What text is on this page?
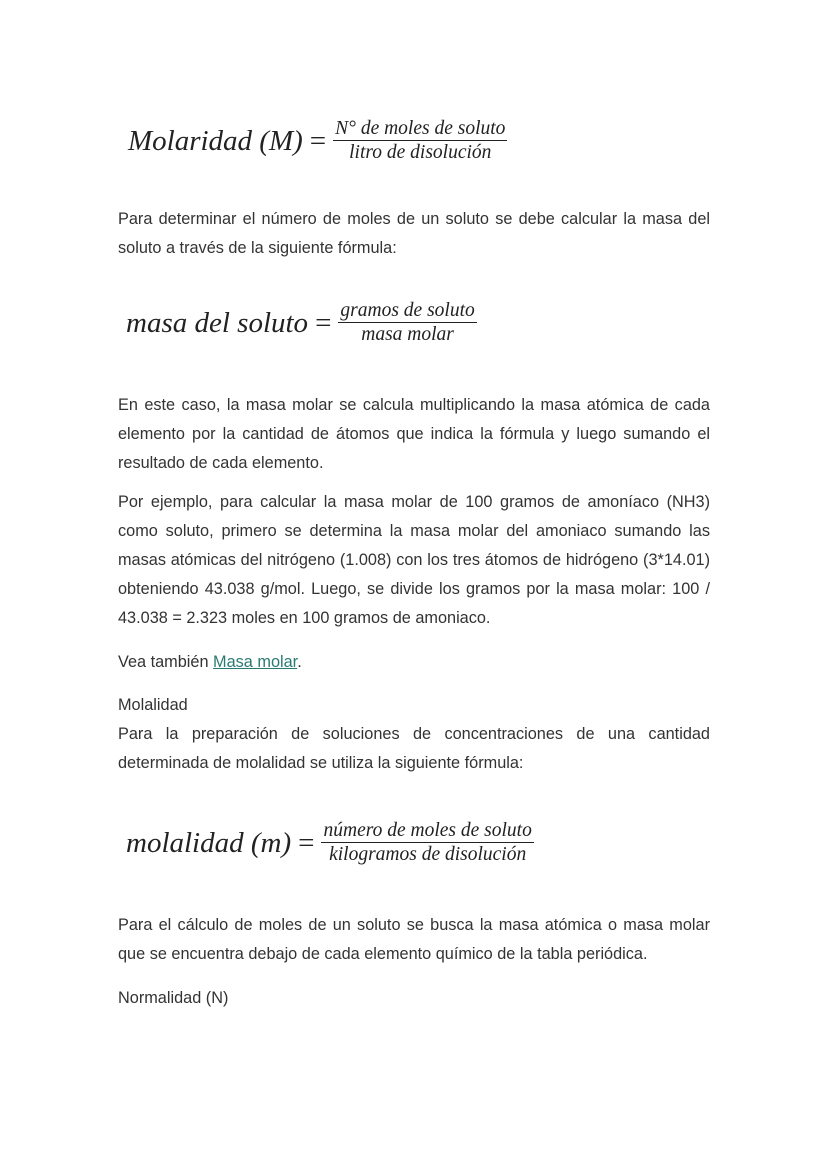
Molaridad $(M) = \frac{\text{N° de moles de soluto}}{\text{litro de disolución}}$

Para determinar el número de moles de un soluto se debe calcular la masa del soluto a través de la siguiente fórmula:

masa del soluto = $\frac{\text{gramos de soluto}}{\text{masa molar}}$

En este caso, la masa molar se calcula multiplicando la masa atómica de cada elemento por la cantidad de átomos que indica la fórmula y luego sumando el resultado de cada elemento.

Por ejemplo, para calcular la masa molar de 100 gramos de amoníaco (NH3) como soluto, primero se determina la masa molar del amoniaco sumando las masas atómicas del nitrógeno (1.008) con los tres átomos de hidrógeno (3*14.01) obteniendo 43.038 g/mol. Luego, se divide los gramos por la masa molar: 100 / 43.038 = 2.323 moles en 100 gramos de amoniaco.

Vea también Masa molar.

Molalidad

Para la preparación de soluciones de concentraciones de una cantidad determinada de molalidad se utiliza la siguiente fórmula:

molalidad $(m) = \frac{\text{número de moles de soluto}}{\text{kilogramos de disolución}}$

Para el cálculo de moles de un soluto se busca la masa atómica o masa molar que se encuentra debajo de cada elemento químico de la tabla periódica.

Normalidad (N)
